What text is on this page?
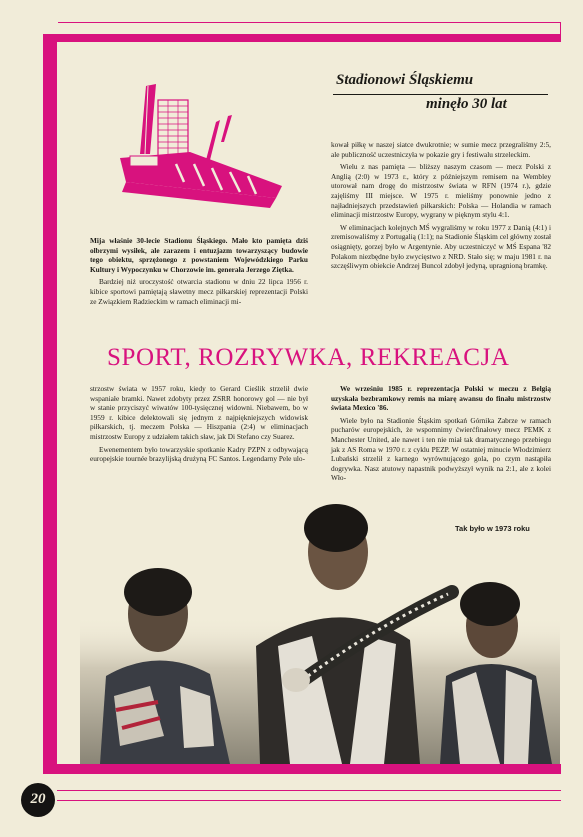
Stadionowi Śląskiemu
minęło 30 lat

Mija właśnie 30-lecie Stadionu Śląskiego. Mało kto pamięta dziś olbrzymi wysiłek, ale zarazem i entuzjazm towarzyszący budowie tego obiektu, sprzężonego z powstaniem Wojewódzkiego Parku Kultury i Wypoczynku w Chorzowie im. generała Jerzego Ziętka.

Bardziej niż uroczystość otwarcia stadionu w dniu 22 lipca 1956 r. kibice sportowi pamiętają sławetny mecz piłkarskiej reprezentacji Polski ze Związkiem Radzieckim w ramach eliminacji mi-

kował piłkę w naszej siatce dwukrotnie; w sumie mecz przegraliśmy 2:5, ale publiczność uczestniczyła w pokazie gry i festiwalu strzeleckim.

Wielu z nas pamięta — bliższy naszym czasom — mecz Polski z Anglią (2:0) w 1973 r., który z późniejszym remisem na Wembley utorował nam drogę do mistrzostw świata w RFN (1974 r.), gdzie zajęliśmy III miejsce. W 1975 r. mieliśmy ponownie jedno z najładniejszych przedstawień piłkarskich: Polska — Holandia w ramach eliminacji mistrzostw Europy, wygrany w pięknym stylu 4:1.

W eliminacjach kolejnych MŚ wygraliśmy w roku 1977 z Danią (4:1) i zremisowaliśmy z Portugalią (1:1); na Stadionie Śląskim cel główny został osiągnięty, gorzej było w Argentynie. Aby uczestniczyć w MŚ Espana '82 Polakom niezbędne było zwycięstwo z NRD. Stało się; w maju 1981 r. na szczęśliwym obiekcie Andrzej Buncol zdobył jedyną, upragnioną bramkę.

SPORT, ROZRYWKA, REKREACJA

strzostw świata w 1957 roku, kiedy to Gerard Cieślik strzelił dwie wspaniałe bramki. Nawet zdobyty przez ZSRR honorowy gol — nie był w stanie przyciszyć wiwatów 100-tysięcznej widowni. Niebawem, bo w 1959 r. kibice delektowali się jednym z najpiękniejszych widowisk piłkarskich, tj. meczem Polska — Hiszpania (2:4) w eliminacjach mistrzostw Europy z udziałem takich sław, jak Di Stefano czy Suarez.

Ewenementem było towarzyskie spotkanie Kadry PZPN z odbywającą europejskie tournée brazylijską drużyną FC Santos. Legendarny Pele ulo-

We wrześniu 1985 r. reprezentacja Polski w meczu z Belgią uzyskała bezbramkowy remis na miarę awansu do finału mistrzostw świata Mexico '86.

Wiele było na Stadionie Śląskim spotkań Górnika Zabrze w ramach pucharów europejskich, że wspomnimy ćwierćfinałowy mecz PEMK z Manchester United, ale nawet i ten nie miał tak dramatycznego przebiegu jak z AS Roma w 1970 r. z cyklu PEZP. W ostatniej minucie Włodzimierz Lubański strzelił z karnego wyrównującego gola, po czym nastąpiła dogrywka. Nasz atutowy napastnik podwyższył wynik na 2:1, ale z kolei Wło-

Tak było w 1973 roku
20
